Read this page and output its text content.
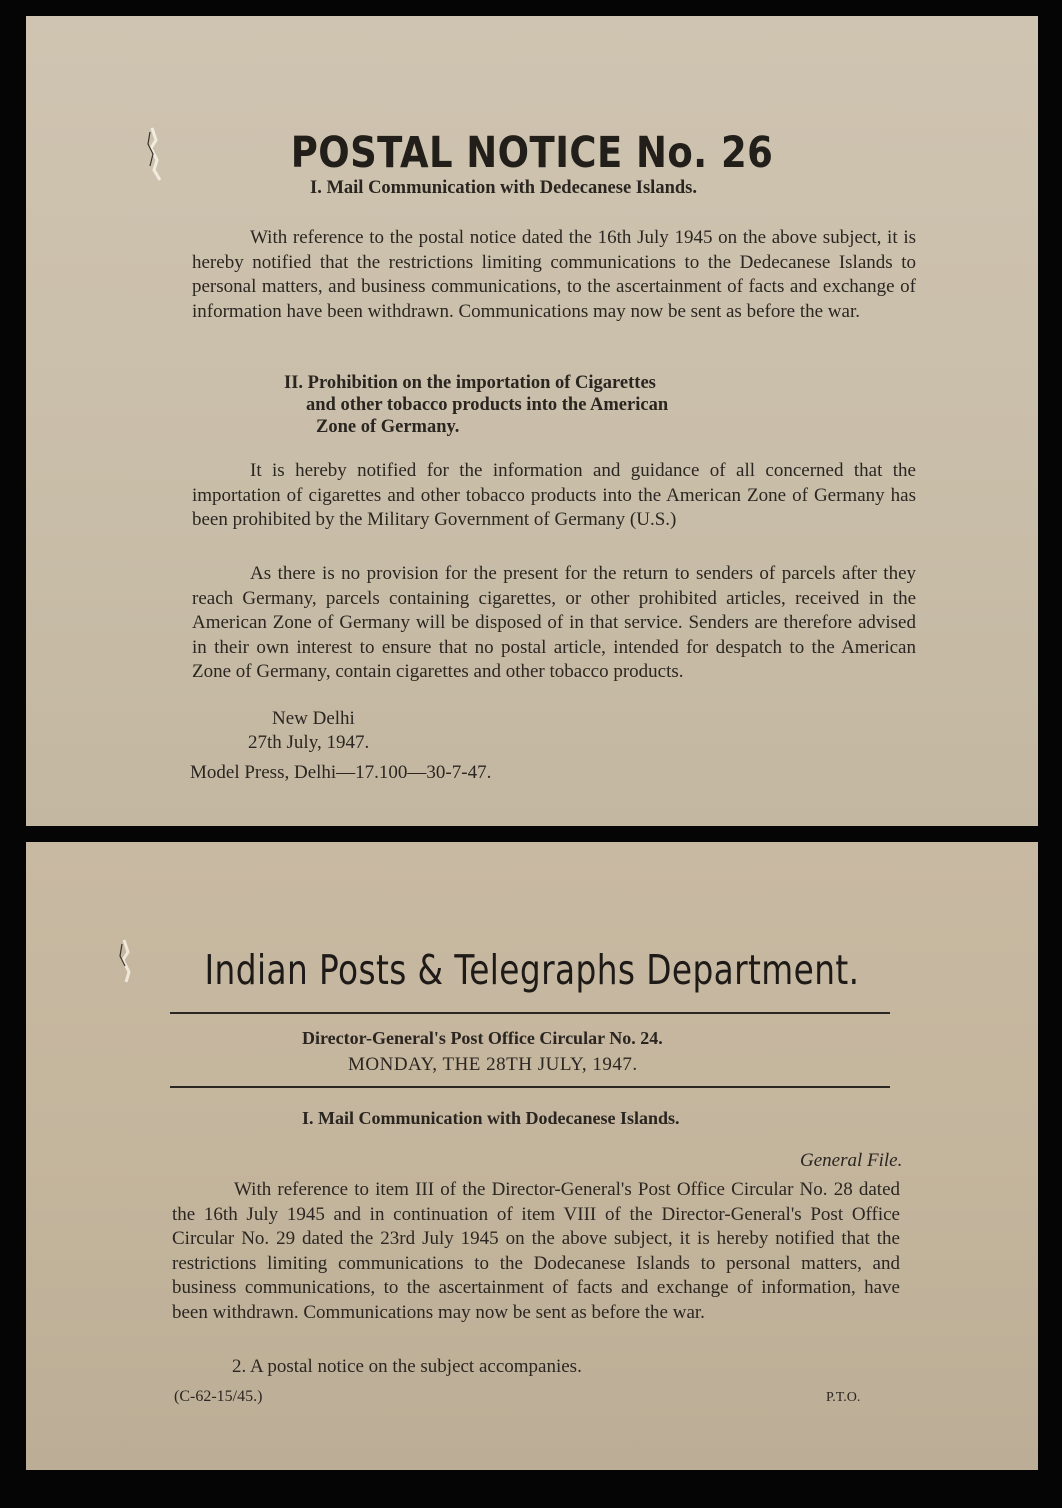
POSTAL NOTICE No. 26
I. Mail Communication with Dedecanese Islands.

With reference to the postal notice dated the 16th July 1945 on the above subject, it is hereby notified that the restrictions limiting communications to the Dedecanese Islands to personal matters, and business communications, to the ascertainment of facts and exchange of information have been withdrawn. Communications may now be sent as before the war.

II. Prohibition on the importation of Cigarettes
and other tobacco products into the American
Zone of Germany.

It is hereby notified for the information and guidance of all concerned that the importation of cigarettes and other tobacco products into the American Zone of Germany has been prohibited by the Military Government of Germany (U.S.)

As there is no provision for the present for the return to senders of parcels after they reach Germany, parcels containing cigarettes, or other prohibited articles, received in the American Zone of Germany will be disposed of in that service. Senders are therefore advised in their own interest to ensure that no postal article, intended for despatch to the American Zone of Germany, contain cigarettes and other tobacco products.

New Delhi
27th July, 1947.
Model Press, Delhi—17.100—30-7-47.
Indian Posts & Telegraphs Department.
Director-General's Post Office Circular No. 24.
MONDAY, THE 28TH JULY, 1947.
I. Mail Communication with Dodecanese Islands.
General File.

With reference to item III of the Director-General's Post Office Circular No. 28 dated the 16th July 1945 and in continuation of item VIII of the Director-General's Post Office Circular No. 29 dated the 23rd July 1945 on the above subject, it is hereby notified that the restrictions limiting communications to the Dodecanese Islands to personal matters, and business communications, to the ascertainment of facts and exchange of information, have been withdrawn. Communications may now be sent as before the war.

2. A postal notice on the subject accompanies.
(C-62-15/45.)	P.T.O.
